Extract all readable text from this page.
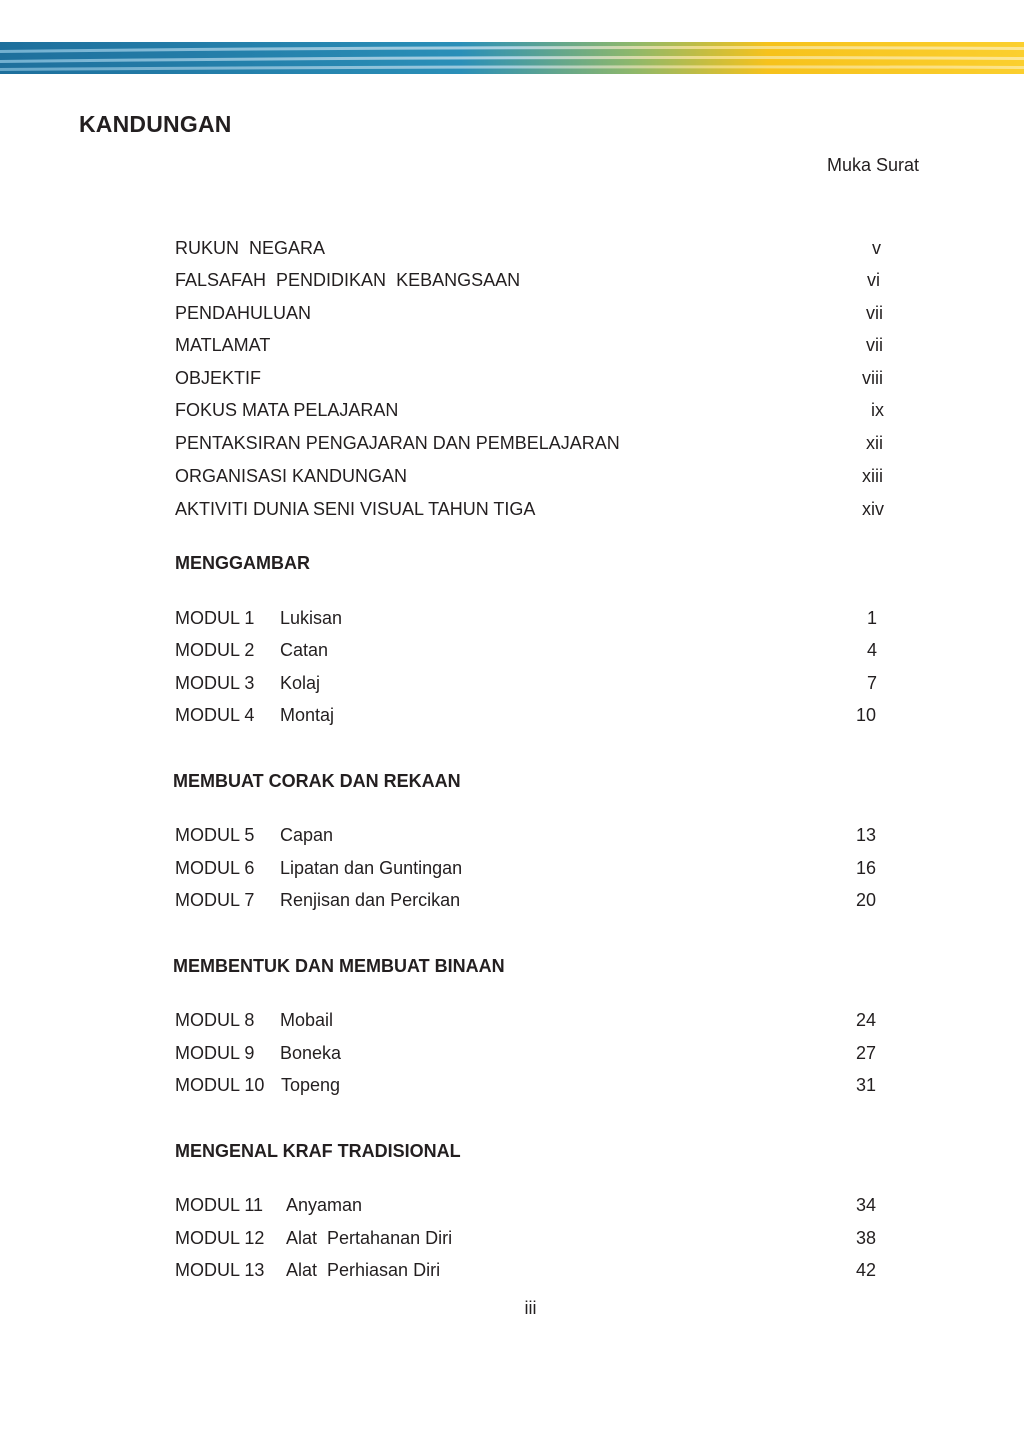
KANDUNGAN
Muka Surat
RUKUN  NEGARA	v
FALSAFAH  PENDIDIKAN  KEBANGSAAN	vi
PENDAHULUAN	vii
MATLAMAT	vii
OBJEKTIF	viii
FOKUS MATA PELAJARAN	ix
PENTAKSIRAN PENGAJARAN DAN PEMBELAJARAN	xii
ORGANISASI KANDUNGAN	xiii
AKTIVITI DUNIA SENI VISUAL TAHUN TIGA	xiv
MENGGAMBAR
MODUL 1 Lukisan	1
MODUL 2 Catan	4
MODUL 3 Kolaj	7
MODUL 4 Montaj	10
MEMBUAT CORAK DAN REKAAN
MODUL 5 Capan	13
MODUL 6 Lipatan dan Guntingan	16
MODUL 7 Renjisan dan Percikan	20
MEMBENTUK DAN MEMBUAT BINAAN
MODUL 8 Mobail	24
MODUL 9 Boneka	27
MODUL 10 Topeng	31
MENGENAL KRAF TRADISIONAL
MODUL 11 Anyaman	34
MODUL 12 Alat  Pertahanan Diri	38
MODUL 13 Alat  Perhiasan Diri	42
iii
